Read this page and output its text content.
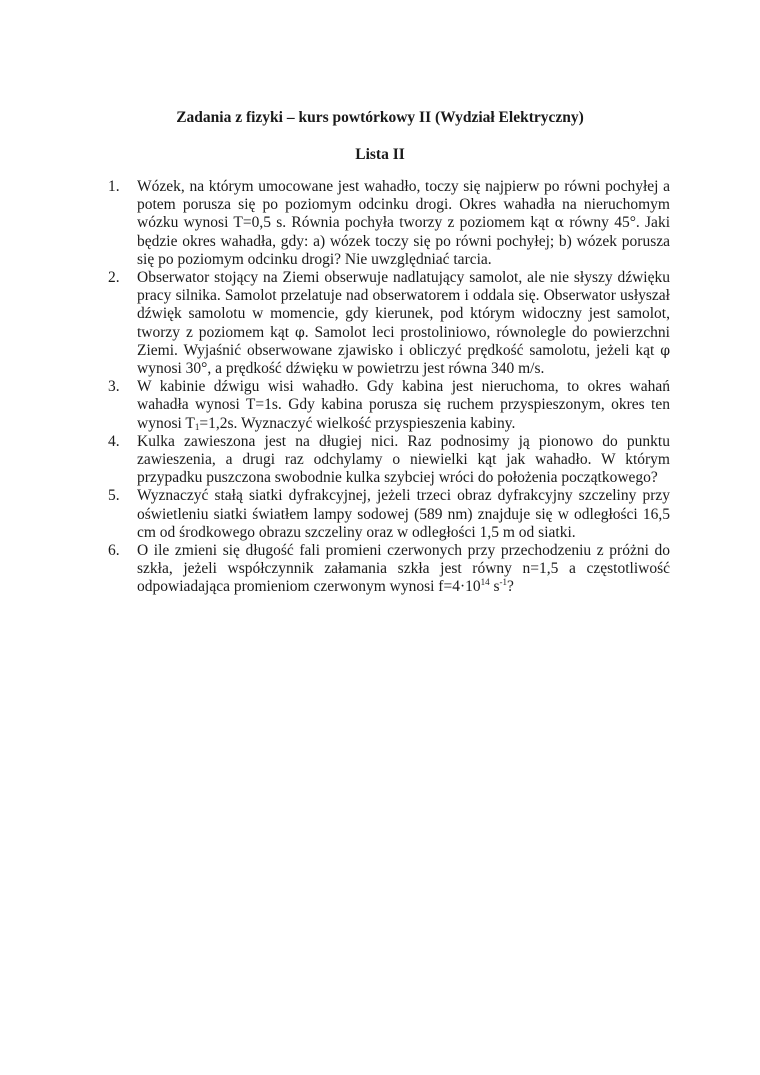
Zadania z fizyki – kurs powtórkowy II (Wydział Elektryczny)
Lista II
1. Wózek, na którym umocowane jest wahadło, toczy się najpierw po równi pochyłej a potem porusza się po poziomym odcinku drogi. Okres wahadła na nieruchomym wózku wynosi T=0,5 s. Równia pochyła tworzy z poziomem kąt α równy 45°. Jaki będzie okres wahadła, gdy: a) wózek toczy się po równi pochyłej; b) wózek porusza się po poziomym odcinku drogi? Nie uwzględniać tarcia.
2. Obserwator stojący na Ziemi obserwuje nadlatujący samolot, ale nie słyszy dźwięku pracy silnika. Samolot przelatuje nad obserwatorem i oddala się. Obserwator usłyszał dźwięk samolotu w momencie, gdy kierunek, pod którym widoczny jest samolot, tworzy z poziomem kąt φ. Samolot leci prostoliniowo, równolegle do powierzchni Ziemi. Wyjaśnić obserwowane zjawisko i obliczyć prędkość samolotu, jeżeli kąt φ wynosi 30°, a prędkość dźwięku w powietrzu jest równa 340 m/s.
3. W kabinie dźwigu wisi wahadło. Gdy kabina jest nieruchoma, to okres wahań wahadła wynosi T=1s. Gdy kabina porusza się ruchem przyspieszonym, okres ten wynosi $T_1=1,2s$. Wyznaczyć wielkość przyspieszenia kabiny.
4. Kulka zawieszona jest na długiej nici. Raz podnosimy ją pionowo do punktu zawieszenia, a drugi raz odchylamy o niewielki kąt jak wahadło. W którym przypadku puszczona swobodnie kulka szybciej wróci do położenia początkowego?
5. Wyznaczyć stałą siatki dyfrakcyjnej, jeżeli trzeci obraz dyfrakcyjny szczeliny przy oświetleniu siatki światłem lampy sodowej (589 nm) znajduje się w odległości 16,5 cm od środkowego obrazu szczeliny oraz w odległości 1,5 m od siatki.
6. O ile zmieni się długość fali promieni czerwonych przy przechodzeniu z próżni do szkła, jeżeli współczynnik załamania szkła jest równy n=1,5 a częstotliwość odpowiadająca promieniom czerwonym wynosi $f=4\cdot 10^{14}$ $s^{-1}$?
